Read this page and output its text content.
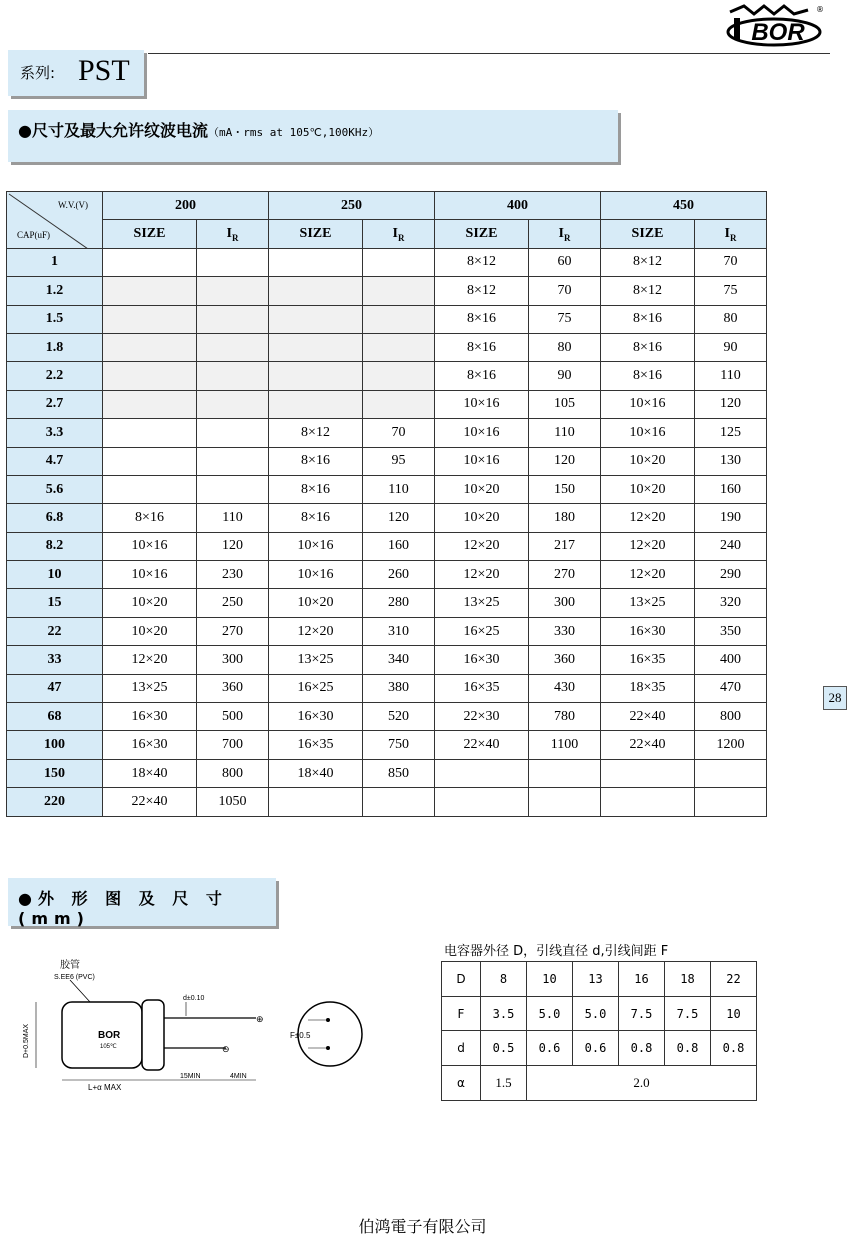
BOR
®
系列: PST
●尺寸及最大允许纹波电流（mA・rms at 105℃,100KHz）
W.V.(V)
CAP(uF)	200		250		400		450	
	SIZE	$I_R$	SIZE	$I_R$	SIZE	$I_R$	SIZE	$I_R$
1					8×12	60	8×12	70
1.2					8×12	70	8×12	75
1.5					8×16	75	8×16	80
1.8					8×16	80	8×16	90
2.2					8×16	90	8×16	110
2.7					10×16	105	10×16	120
3.3			8×12	70	10×16	110	10×16	125
4.7			8×16	95	10×16	120	10×20	130
5.6			8×16	110	10×20	150	10×20	160
6.8	8×16	110	8×16	120	10×20	180	12×20	190
8.2	10×16	120	10×16	160	12×20	217	12×20	240
10	10×16	230	10×16	260	12×20	270	12×20	290
15	10×20	250	10×20	280	13×25	300	13×25	320
22	10×20	270	12×20	310	16×25	330	16×30	350
33	12×20	300	13×25	340	16×30	360	16×35	400
47	13×25	360	16×25	380	16×35	430	18×35	470
68	16×30	500	16×30	520	22×30	780	22×40	800
100	16×30	700	16×35	750	22×40	1100	22×40	1200
150	18×40	800	18×40	850				
220	22×40	1050						
●外 形 图 及 尺 寸(mm)
胶管
S.EE6 (PVC)
BOR
105℃
⊕
⊖
d±0.10
D+0.5MAX
L+α MAX
15MIN	4MIN
F±0.5
电容器外径 D，引线直径 d,引线间距 F
D	8	10	13	16	18	22
F	3.5	5.0	5.0	7.5	7.5	10
d	0.5	0.6	0.6	0.8	0.8	0.8
α	1.5	2.0				
28
伯鸿電子有限公司
